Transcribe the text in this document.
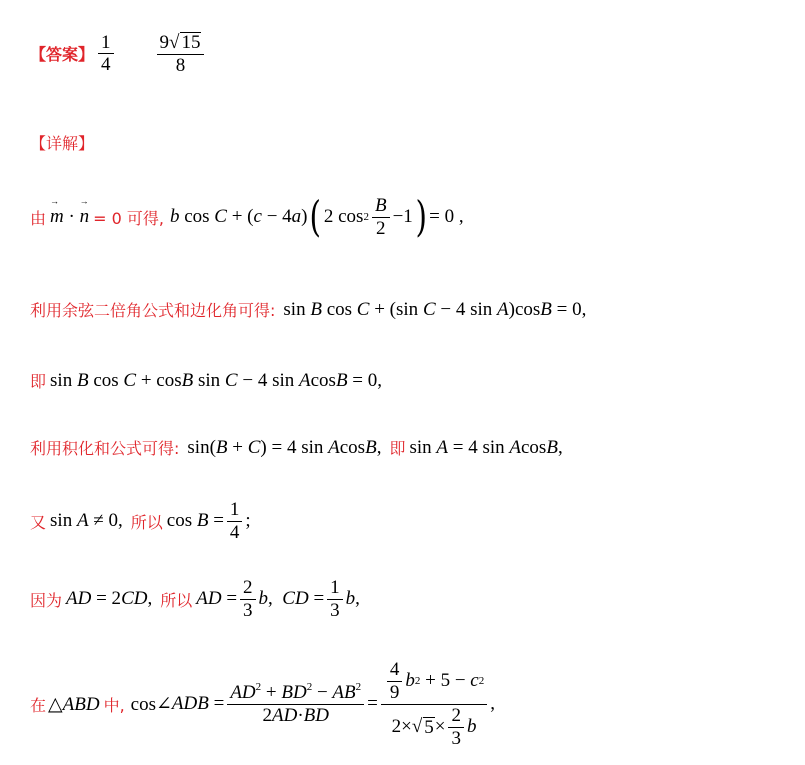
【答案】 $\frac{1}{4} \frac{9√ 15}{8}$
【详解】
由
→ m · → n = 0 可得, b cos C + ( c − 4 a ) ( 2 $\cos 2 \frac{B}{2} -1$ ) = 0 ,
利用余弦二倍角公式和边化角可得: sin B cos C + (sin C − 4 sin A)cosB = 0,
即 sin B cos C + cosB sin C − 4 sin AcosB = 0,
利用积化和公式可得: sin(B + C) = 4 sin AcosB, 即 sin A = 4 sin AcosB,
又 sin A ≠ 0, 所以 $\cos B = \frac{1}{4}$ ;
因为 AD = 2CD, 所以 AD = $\frac{2}{3}$ b , CD = $\frac{1}{3}$ b ,
在 △ABD 中, cos∠ ADB = $\frac{AD^2 + BD^2 - AB^2}{2AD\cdot BD} = \frac{\frac{4}{9} b 2 + 5 - c 2}{2\times√ 5 \times \frac{2}{3} b}$ ,
